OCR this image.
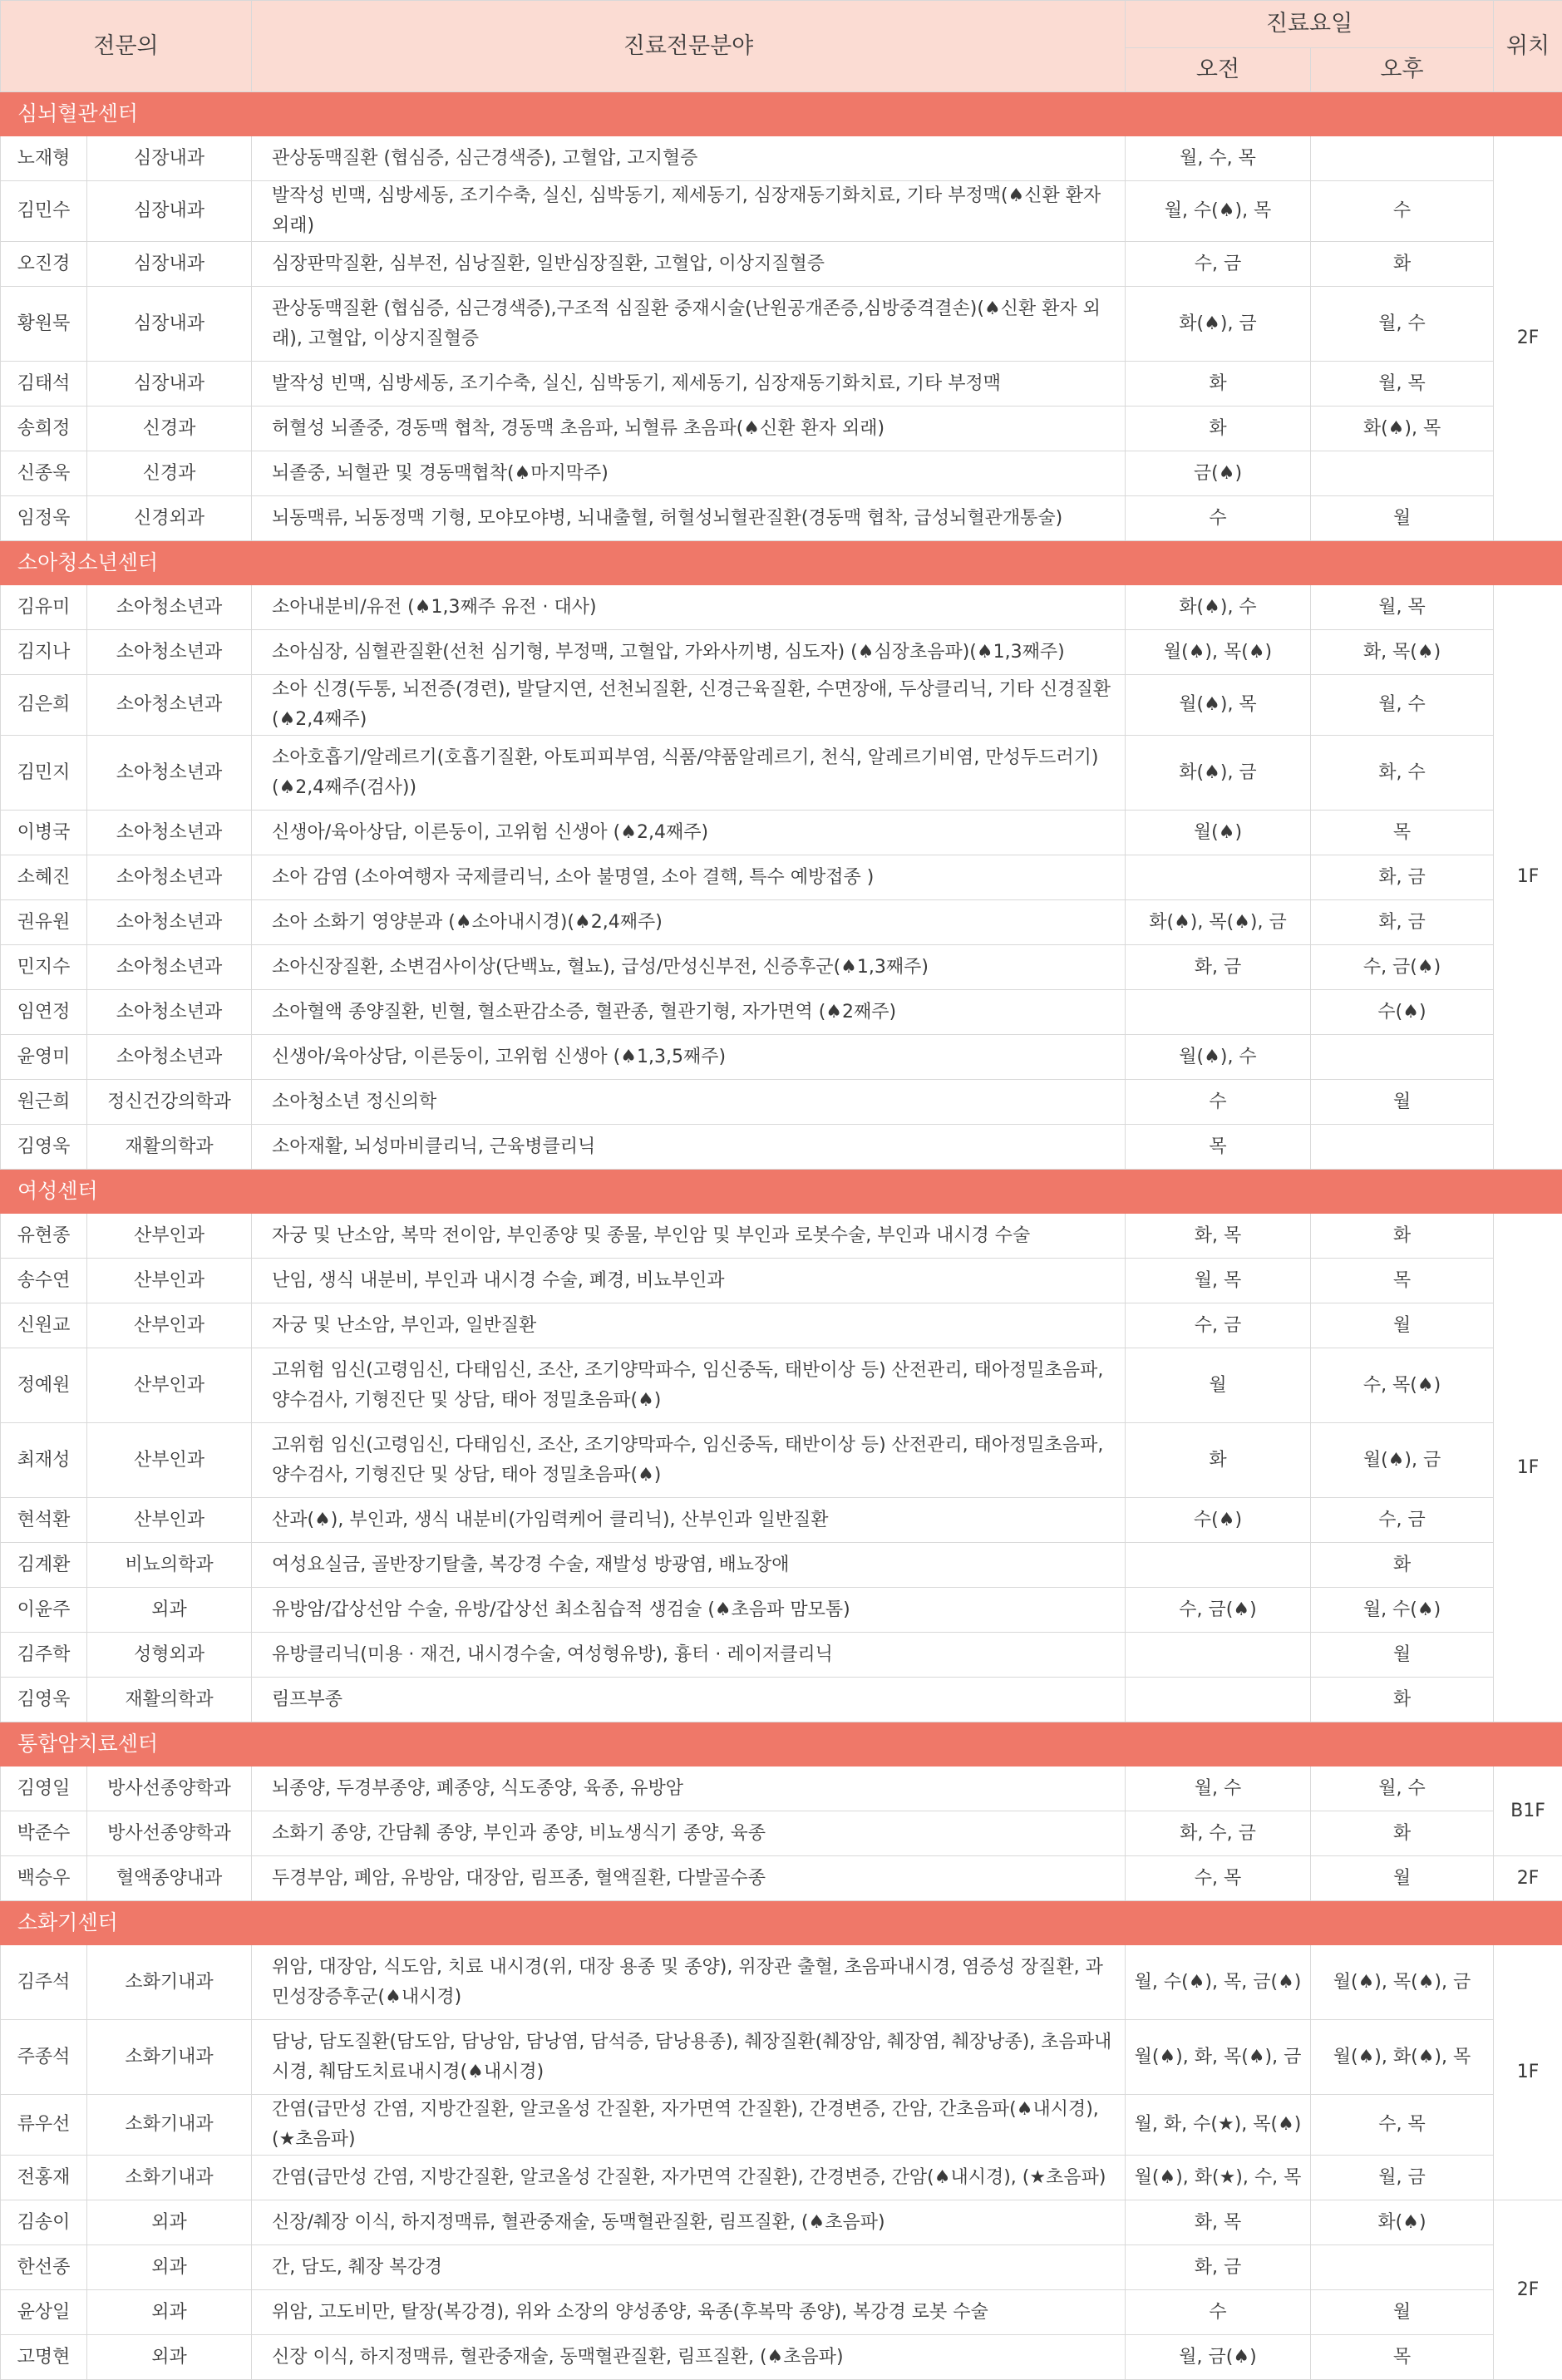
전문의		진료전문분야	진료요일		위치
			오전	오후	
심뇌혈관센터					
노재형	심장내과	관상동맥질환 (협심증, 심근경색증), 고혈압, 고지혈증	월, 수, 목		2F
김민수	심장내과	발작성 빈맥, 심방세동, 조기수축, 실신, 심박동기, 제세동기, 심장재동기화치료, 기타 부정맥(♠신환 환자 외래)	월, 수(♠), 목	수	
오진경	심장내과	심장판막질환, 심부전, 심낭질환, 일반심장질환, 고혈압, 이상지질혈증	수, 금	화	
황원묵	심장내과	관상동맥질환 (협심증, 심근경색증),구조적 심질환 중재시술(난원공개존증,심방중격결손)(♠신환 환자 외래), 고혈압, 이상지질혈증	화(♠), 금	월, 수	
김태석	심장내과	발작성 빈맥, 심방세동, 조기수축, 실신, 심박동기, 제세동기, 심장재동기화치료, 기타 부정맥	화	월, 목	
송희정	신경과	허혈성 뇌졸중, 경동맥 협착, 경동맥 초음파, 뇌혈류 초음파(♠신환 환자 외래)	화	화(♠), 목	
신종욱	신경과	뇌졸중, 뇌혈관 및 경동맥협착(♠마지막주)	금(♠)		
임정욱	신경외과	뇌동맥류, 뇌동정맥 기형, 모야모야병, 뇌내출혈, 허혈성뇌혈관질환(경동맥 협착, 급성뇌혈관개통술)	수	월	
소아청소년센터					
김유미	소아청소년과	소아내분비/유전 (♠1,3째주 유전 · 대사)	화(♠), 수	월, 목	1F
김지나	소아청소년과	소아심장, 심혈관질환(선천 심기형, 부정맥, 고혈압, 가와사끼병, 심도자) (♠심장초음파)(♠1,3째주)	월(♠), 목(♠)	화, 목(♠)	
김은희	소아청소년과	소아 신경(두통, 뇌전증(경련), 발달지연, 선천뇌질환, 신경근육질환, 수면장애, 두상클리닉, 기타 신경질환(♠2,4째주)	월(♠), 목	월, 수	
김민지	소아청소년과	소아호흡기/알레르기(호흡기질환, 아토피피부염, 식품/약품알레르기, 천식, 알레르기비염, 만성두드러기) (♠2,4째주(검사))	화(♠), 금	화, 수	
이병국	소아청소년과	신생아/육아상담, 이른둥이, 고위험 신생아 (♠2,4째주)	월(♠)	목	
소혜진	소아청소년과	소아 감염 (소아여행자 국제클리닉, 소아 불명열, 소아 결핵, 특수 예방접종 )		화, 금	
권유원	소아청소년과	소아 소화기 영양분과 (♠소아내시경)(♠2,4째주)	화(♠), 목(♠), 금	화, 금	
민지수	소아청소년과	소아신장질환, 소변검사이상(단백뇨, 혈뇨), 급성/만성신부전, 신증후군(♠1,3째주)	화, 금	수, 금(♠)	
임연정	소아청소년과	소아혈액 종양질환, 빈혈, 혈소판감소증, 혈관종, 혈관기형, 자가면역 (♠2째주)		수(♠)	
윤영미	소아청소년과	신생아/육아상담, 이른둥이, 고위험 신생아 (♠1,3,5째주)	월(♠), 수		
원근희	정신건강의학과	소아청소년 정신의학	수	월	
김영욱	재활의학과	소아재활, 뇌성마비클리닉, 근육병클리닉	목		
여성센터					
유현종	산부인과	자궁 및 난소암, 복막 전이암, 부인종양 및 종물, 부인암 및 부인과 로봇수술, 부인과 내시경 수술	화, 목	화	1F
송수연	산부인과	난임, 생식 내분비, 부인과 내시경 수술, 폐경, 비뇨부인과	월, 목	목	
신원교	산부인과	자궁 및 난소암, 부인과, 일반질환	수, 금	월	
정예원	산부인과	고위험 임신(고령임신, 다태임신, 조산, 조기양막파수, 임신중독, 태반이상 등) 산전관리, 태아정밀초음파, 양수검사, 기형진단 및 상담, 태아 정밀초음파(♠)	월	수, 목(♠)	
최재성	산부인과	고위험 임신(고령임신, 다태임신, 조산, 조기양막파수, 임신중독, 태반이상 등) 산전관리, 태아정밀초음파, 양수검사, 기형진단 및 상담, 태아 정밀초음파(♠)	화	월(♠), 금	
현석환	산부인과	산과(♠), 부인과, 생식 내분비(가임력케어 클리닉), 산부인과 일반질환	수(♠)	수, 금	
김계환	비뇨의학과	여성요실금, 골반장기탈출, 복강경 수술, 재발성 방광염, 배뇨장애		화	
이윤주	외과	유방암/갑상선암 수술, 유방/갑상선 최소침습적 생검술 (♠초음파 맘모톰)	수, 금(♠)	월, 수(♠)	
김주학	성형외과	유방클리닉(미용 · 재건, 내시경수술, 여성형유방), 흉터 · 레이저클리닉		월	
김영욱	재활의학과	림프부종		화	
통합암치료센터					
김영일	방사선종양학과	뇌종양, 두경부종양, 폐종양, 식도종양, 육종, 유방암	월, 수	월, 수	B1F
박준수	방사선종양학과	소화기 종양, 간담췌 종양, 부인과 종양, 비뇨생식기 종양, 육종	화, 수, 금	화	
백승우	혈액종양내과	두경부암, 폐암, 유방암, 대장암, 림프종, 혈액질환, 다발골수종	수, 목	월	2F
소화기센터					
김주석	소화기내과	위암, 대장암, 식도암, 치료 내시경(위, 대장 용종 및 종양), 위장관 출혈, 초음파내시경, 염증성 장질환, 과민성장증후군(♠내시경)	월, 수(♠), 목, 금(♠)	월(♠), 목(♠), 금	1F
주종석	소화기내과	담낭, 담도질환(담도암, 담낭암, 담낭염, 담석증, 담낭용종), 췌장질환(췌장암, 췌장염, 췌장낭종), 초음파내시경, 췌담도치료내시경(♠내시경)	월(♠), 화, 목(♠), 금	월(♠), 화(♠), 목	
류우선	소화기내과	간염(급만성 간염, 지방간질환, 알코올성 간질환, 자가면역 간질환), 간경변증, 간암, 간초음파(♠내시경), (★초음파)	월, 화, 수(★), 목(♠)	수, 목	
전홍재	소화기내과	간염(급만성 간염, 지방간질환, 알코올성 간질환, 자가면역 간질환), 간경변증, 간암(♠내시경), (★초음파)	월(♠), 화(★), 수, 목	월, 금	
김송이	외과	신장/췌장 이식, 하지정맥류, 혈관중재술, 동맥혈관질환, 림프질환, (♠초음파)	화, 목	화(♠)	2F
한선종	외과	간, 담도, 췌장 복강경	화, 금		
윤상일	외과	위암, 고도비만, 탈장(복강경), 위와 소장의 양성종양, 육종(후복막 종양), 복강경 로봇 수술	수	월	
고명현	외과	신장 이식, 하지정맥류, 혈관중재술, 동맥혈관질환, 림프질환, (♠초음파)	월, 금(♠)	목	
